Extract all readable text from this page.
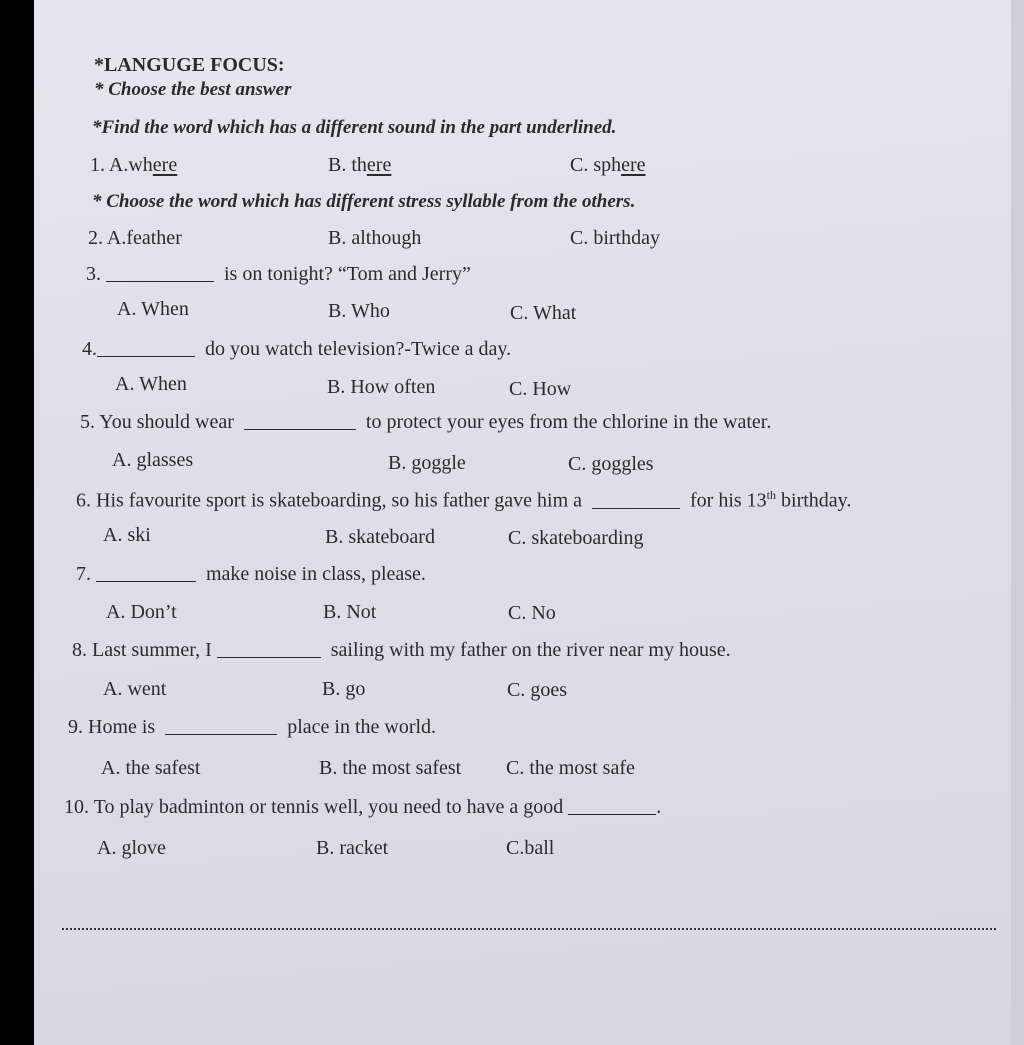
*LANGUGE FOCUS:
* Choose the best answer
*Find the word which has a different sound in the part underlined.
1. A.where	B. there	C. sphere
* Choose the word which has different stress syllable from the others.
2. A.feather	B. although	C. birthday
3.	is on tonight? “Tom and Jerry”
A. When	B. Who	C. What
4.	do you watch television?-Twice a day.
A. When	B. How often	C. How
5. You should wear	to protect your eyes from the chlorine in the water.
A. glasses	B. goggle	C. goggles
6. His favourite sport is skateboarding, so his father gave him a	for his 13th birthday.
A. ski	B. skateboard	C. skateboarding
7.	make noise in class, please.
A. Don’t	B. Not	C. No
8. Last summer, I	sailing with my father on the river near my house.
A. went	B. go	C. goes
9. Home is	place in the world.
A. the safest	B. the most safest C. the most safe
10. To play badminton or tennis well, you need to have a good	.
A. glove	B. racket	C.ball
